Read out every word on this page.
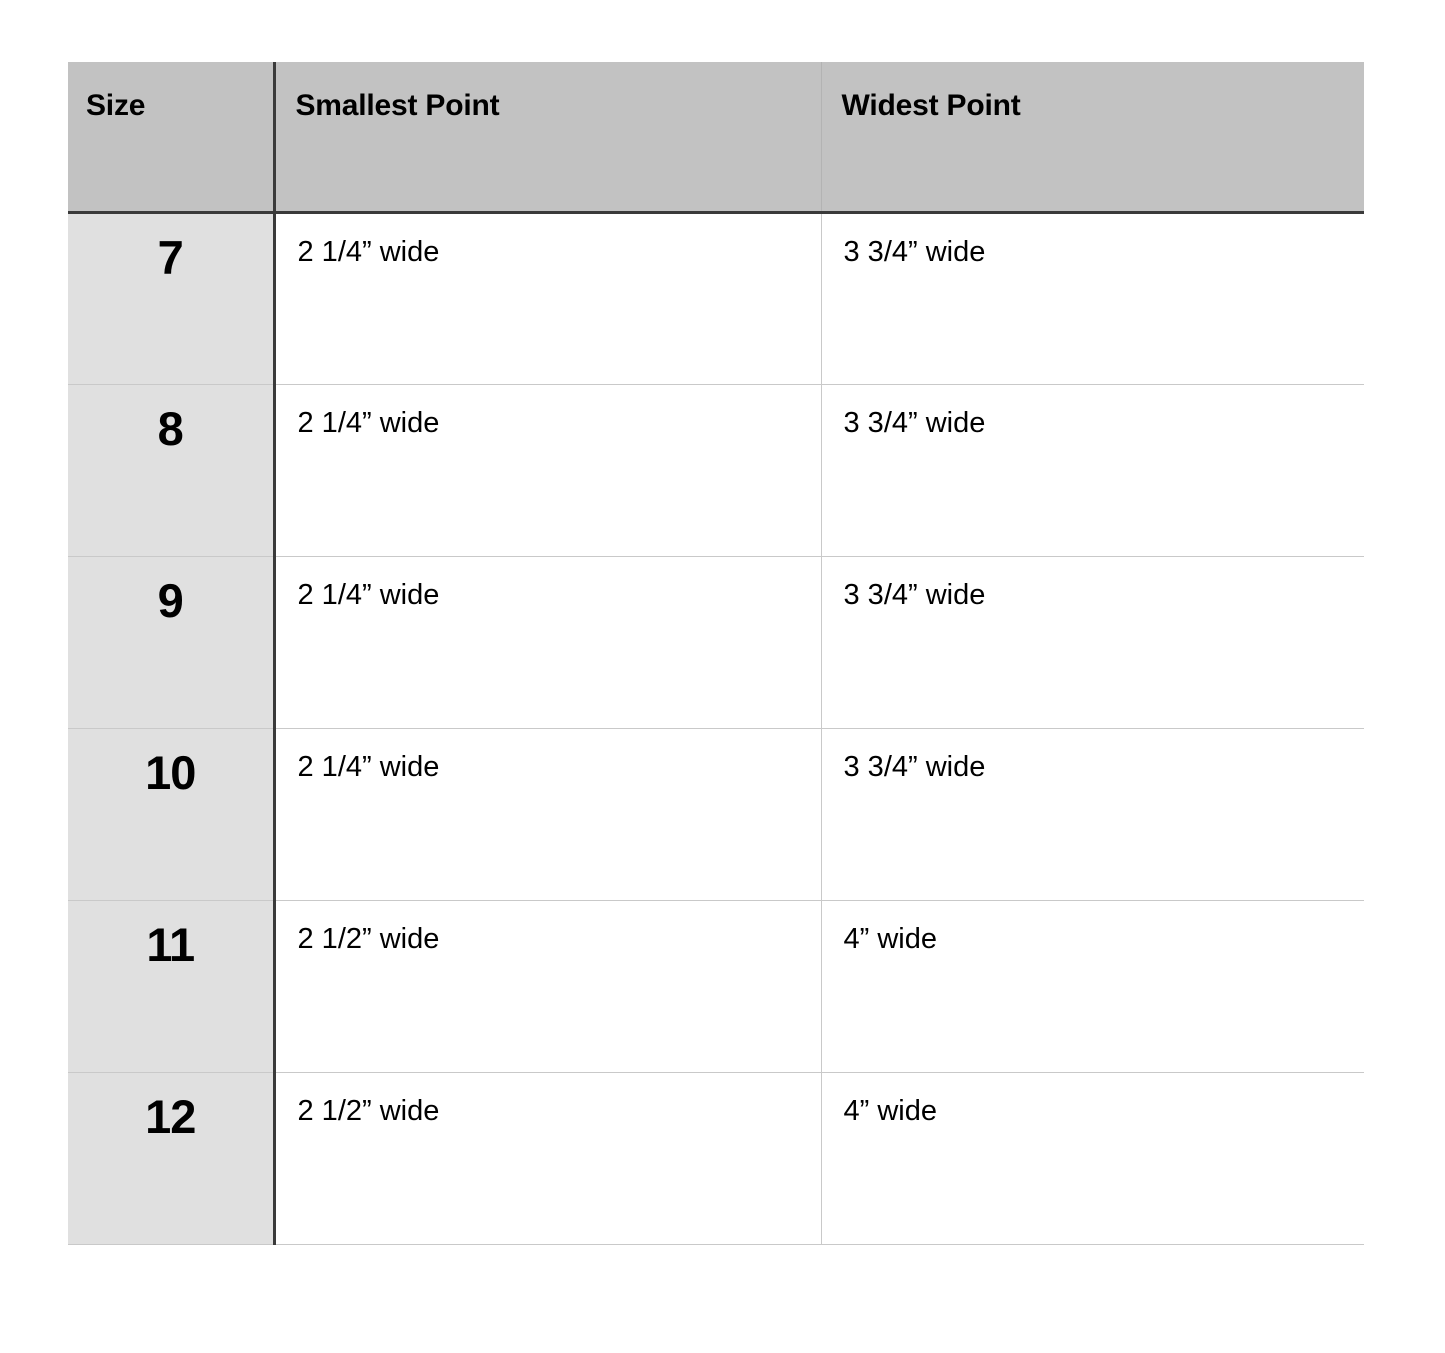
Size	Smallest Point	Widest Point
7	2 1/4” wide	3 3/4” wide
8	2 1/4” wide	3 3/4” wide
9	2 1/4” wide	3 3/4” wide
10	2 1/4” wide	3 3/4” wide
11	2 1/2” wide	4” wide
12	2 1/2” wide	4” wide
